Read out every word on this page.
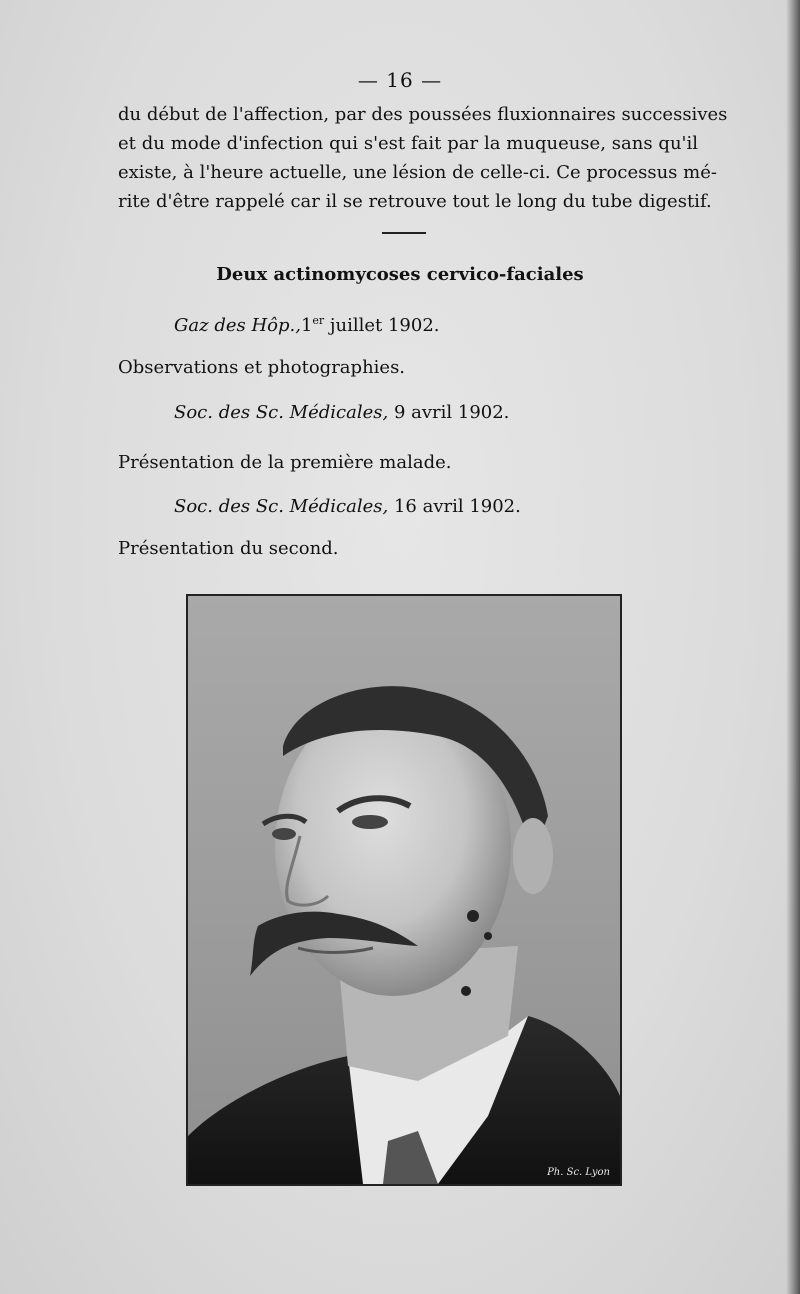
— 16 —
du début de l'affection, par des poussées fluxionnaires successives
et du mode d'infection qui s'est fait par la muqueuse, sans qu'il
existe, à l'heure actuelle, une lésion de celle-ci. Ce processus mé-
rite d'être rappelé car il se retrouve tout le long du tube digestif.
Deux actinomycoses cervico-faciales
Gaz des Hôp.,1er juillet 1902.
Observations et photographies.
Soc. des Sc. Médicales, 9 avril 1902.
Présentation de la première malade.
Soc. des Sc. Médicales, 16 avril 1902.
Présentation du second.
Ph. Sc. Lyon
